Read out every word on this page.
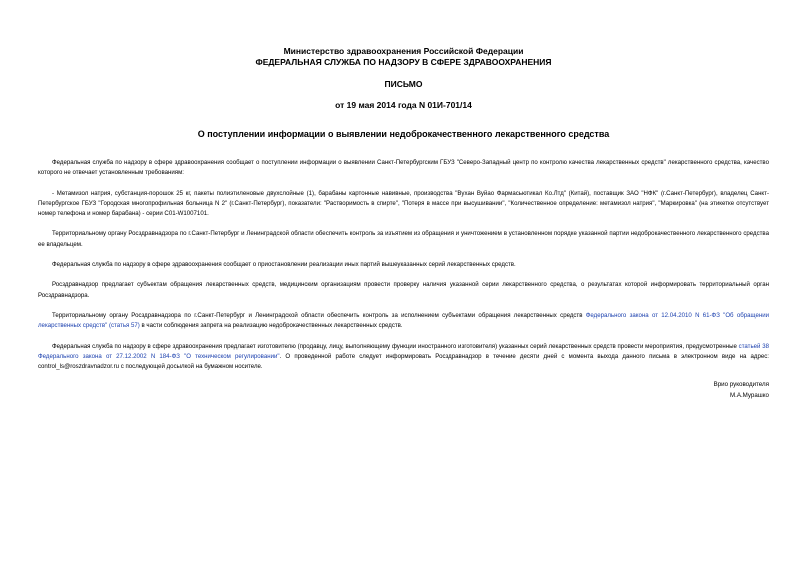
Министерство здравоохранения Российской Федерации
ФЕДЕРАЛЬНАЯ СЛУЖБА ПО НАДЗОРУ В СФЕРЕ ЗДРАВООХРАНЕНИЯ
ПИСЬМО
от 19 мая 2014 года N 01И-701/14
О поступлении информации о выявлении недоброкачественного лекарственного средства

Федеральная служба по надзору в сфере здравоохранения сообщает о поступлении информации о выявлении Санкт-Петербургским ГБУЗ "Северо-Западный центр по контролю качества лекарственных средств" лекарственного средства, качество которого не отвечает установленным требованиям:

- Метамизол натрия, субстанция-порошок 25 кг, пакеты полиэтиленовые двухслойные (1), барабаны картонные навивные, производства "Вухан Вуйао Фармасьютикал Ко.Лтд" (Китай), поставщик ЗАО "НФК" (г.Санкт-Петербург), владелец Санкт-Петербургское ГБУЗ "Городская многопрофильная больница N 2" (г.Санкт-Петербург), показатели: "Растворимость в спирте", "Потеря в массе при высушивании", "Количественное определение: метамизол натрия", "Маркировка" (на этикетке отсутствует номер телефона и номер барабана) - серии С01-W1007101.

Территориальному органу Росздравнадзора по г.Санкт-Петербург и Ленинградской области обеспечить контроль за изъятием из обращения и уничтожением в установленном порядке указанной партии недоброкачественного лекарственного средства ее владельцем.

Федеральная служба по надзору в сфере здравоохранения сообщает о приостановлении реализации иных партий вышеуказанных серий лекарственных средств.

Росздравнадзор предлагает субъектам обращения лекарственных средств, медицинским организациям провести проверку наличия указанной серии лекарственного средства, о результатах которой информировать территориальный орган Росздравнадзора.

Территориальному органу Росздравнадзора по г.Санкт-Петербург и Ленинградской области обеспечить контроль за исполнением субъектами обращения лекарственных средств Федерального закона от 12.04.2010 N 61-ФЗ "Об обращении лекарственных средств" (статья 57) в части соблюдения запрета на реализацию недоброкачественных лекарственных средств.

Федеральная служба по надзору в сфере здравоохранения предлагает изготовителю (продавцу, лицу, выполняющему функции иностранного изготовителя) указанных серий лекарственных средств провести мероприятия, предусмотренные статьей 38 Федерального закона от 27.12.2002 N 184-ФЗ "О техническом регулировании". О проведенной работе следует информировать Росздравнадзор в течение десяти дней с момента выхода данного письма в электронном виде на адрес: control_ls@roszdravnadzor.ru с последующей досылкой на бумажном носителе.

Врио руководителя
М.А.Мурашко
